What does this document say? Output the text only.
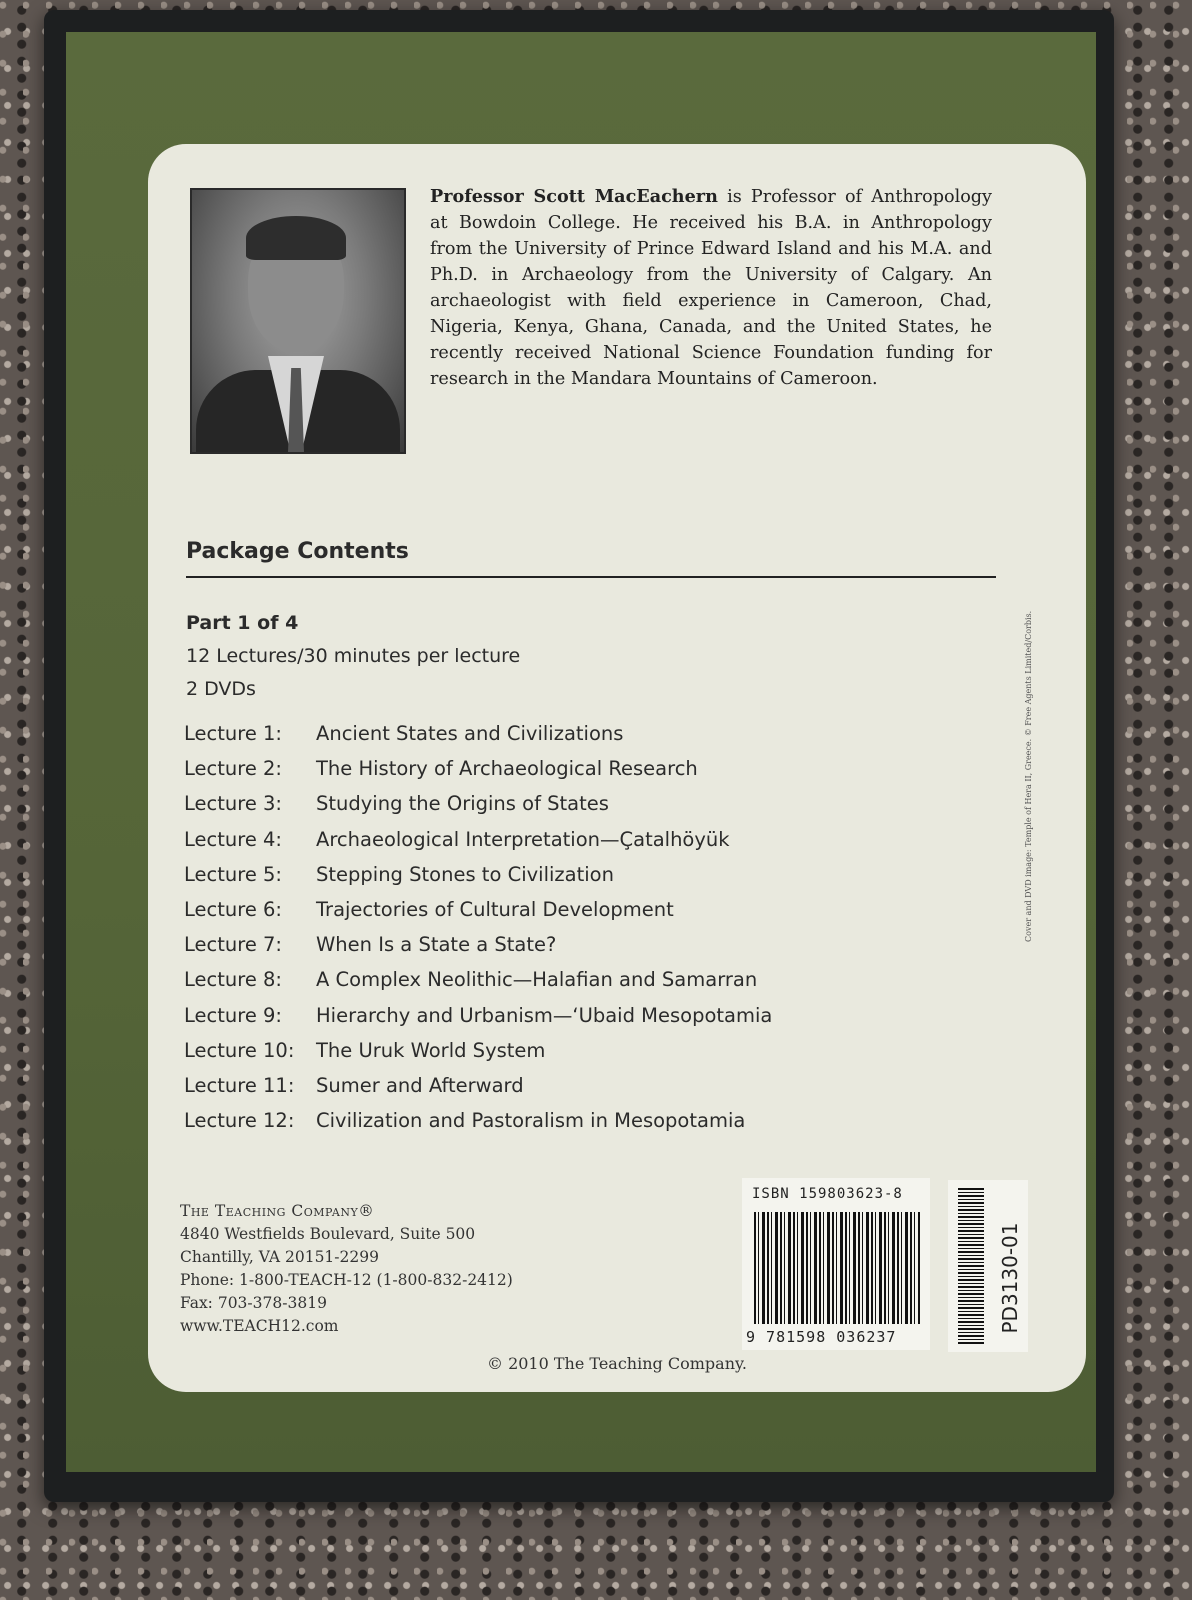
Professor Scott MacEachern is Professor of Anthropology at Bowdoin College. He received his B.A. in Anthropology from the University of Prince Edward Island and his M.A. and Ph.D. in Archaeology from the University of Calgary. An archaeologist with field experience in Cameroon, Chad, Nigeria, Kenya, Ghana, Canada, and the United States, he recently received National Science Foundation funding for research in the Mandara Mountains of Cameroon.
Package Contents
Part 1 of 4
12 Lectures/30 minutes per lecture
2 DVDs
Lecture 1:	Ancient States and Civilizations
Lecture 2:	The History of Archaeological Research
Lecture 3:	Studying the Origins of States
Lecture 4:	Archaeological Interpretation—Çatalhöyük
Lecture 5:	Stepping Stones to Civilization
Lecture 6:	Trajectories of Cultural Development
Lecture 7:	When Is a State a State?
Lecture 8:	A Complex Neolithic—Halafian and Samarran
Lecture 9:	Hierarchy and Urbanism—‘Ubaid Mesopotamia
Lecture 10:	The Uruk World System
Lecture 11:	Sumer and Afterward
Lecture 12:	Civilization and Pastoralism in Mesopotamia
The Teaching Company®
4840 Westfields Boulevard, Suite 500
Chantilly, VA 20151-2299
Phone: 1-800-TEACH-12 (1-800-832-2412)
Fax: 703-378-3819
www.TEACH12.com
ISBN 159803623-8
9 781598 036237
PD3130-01
Cover and DVD image: Temple of Hera II, Greece. © Free Agents Limited/Corbis.
© 2010 The Teaching Company.
